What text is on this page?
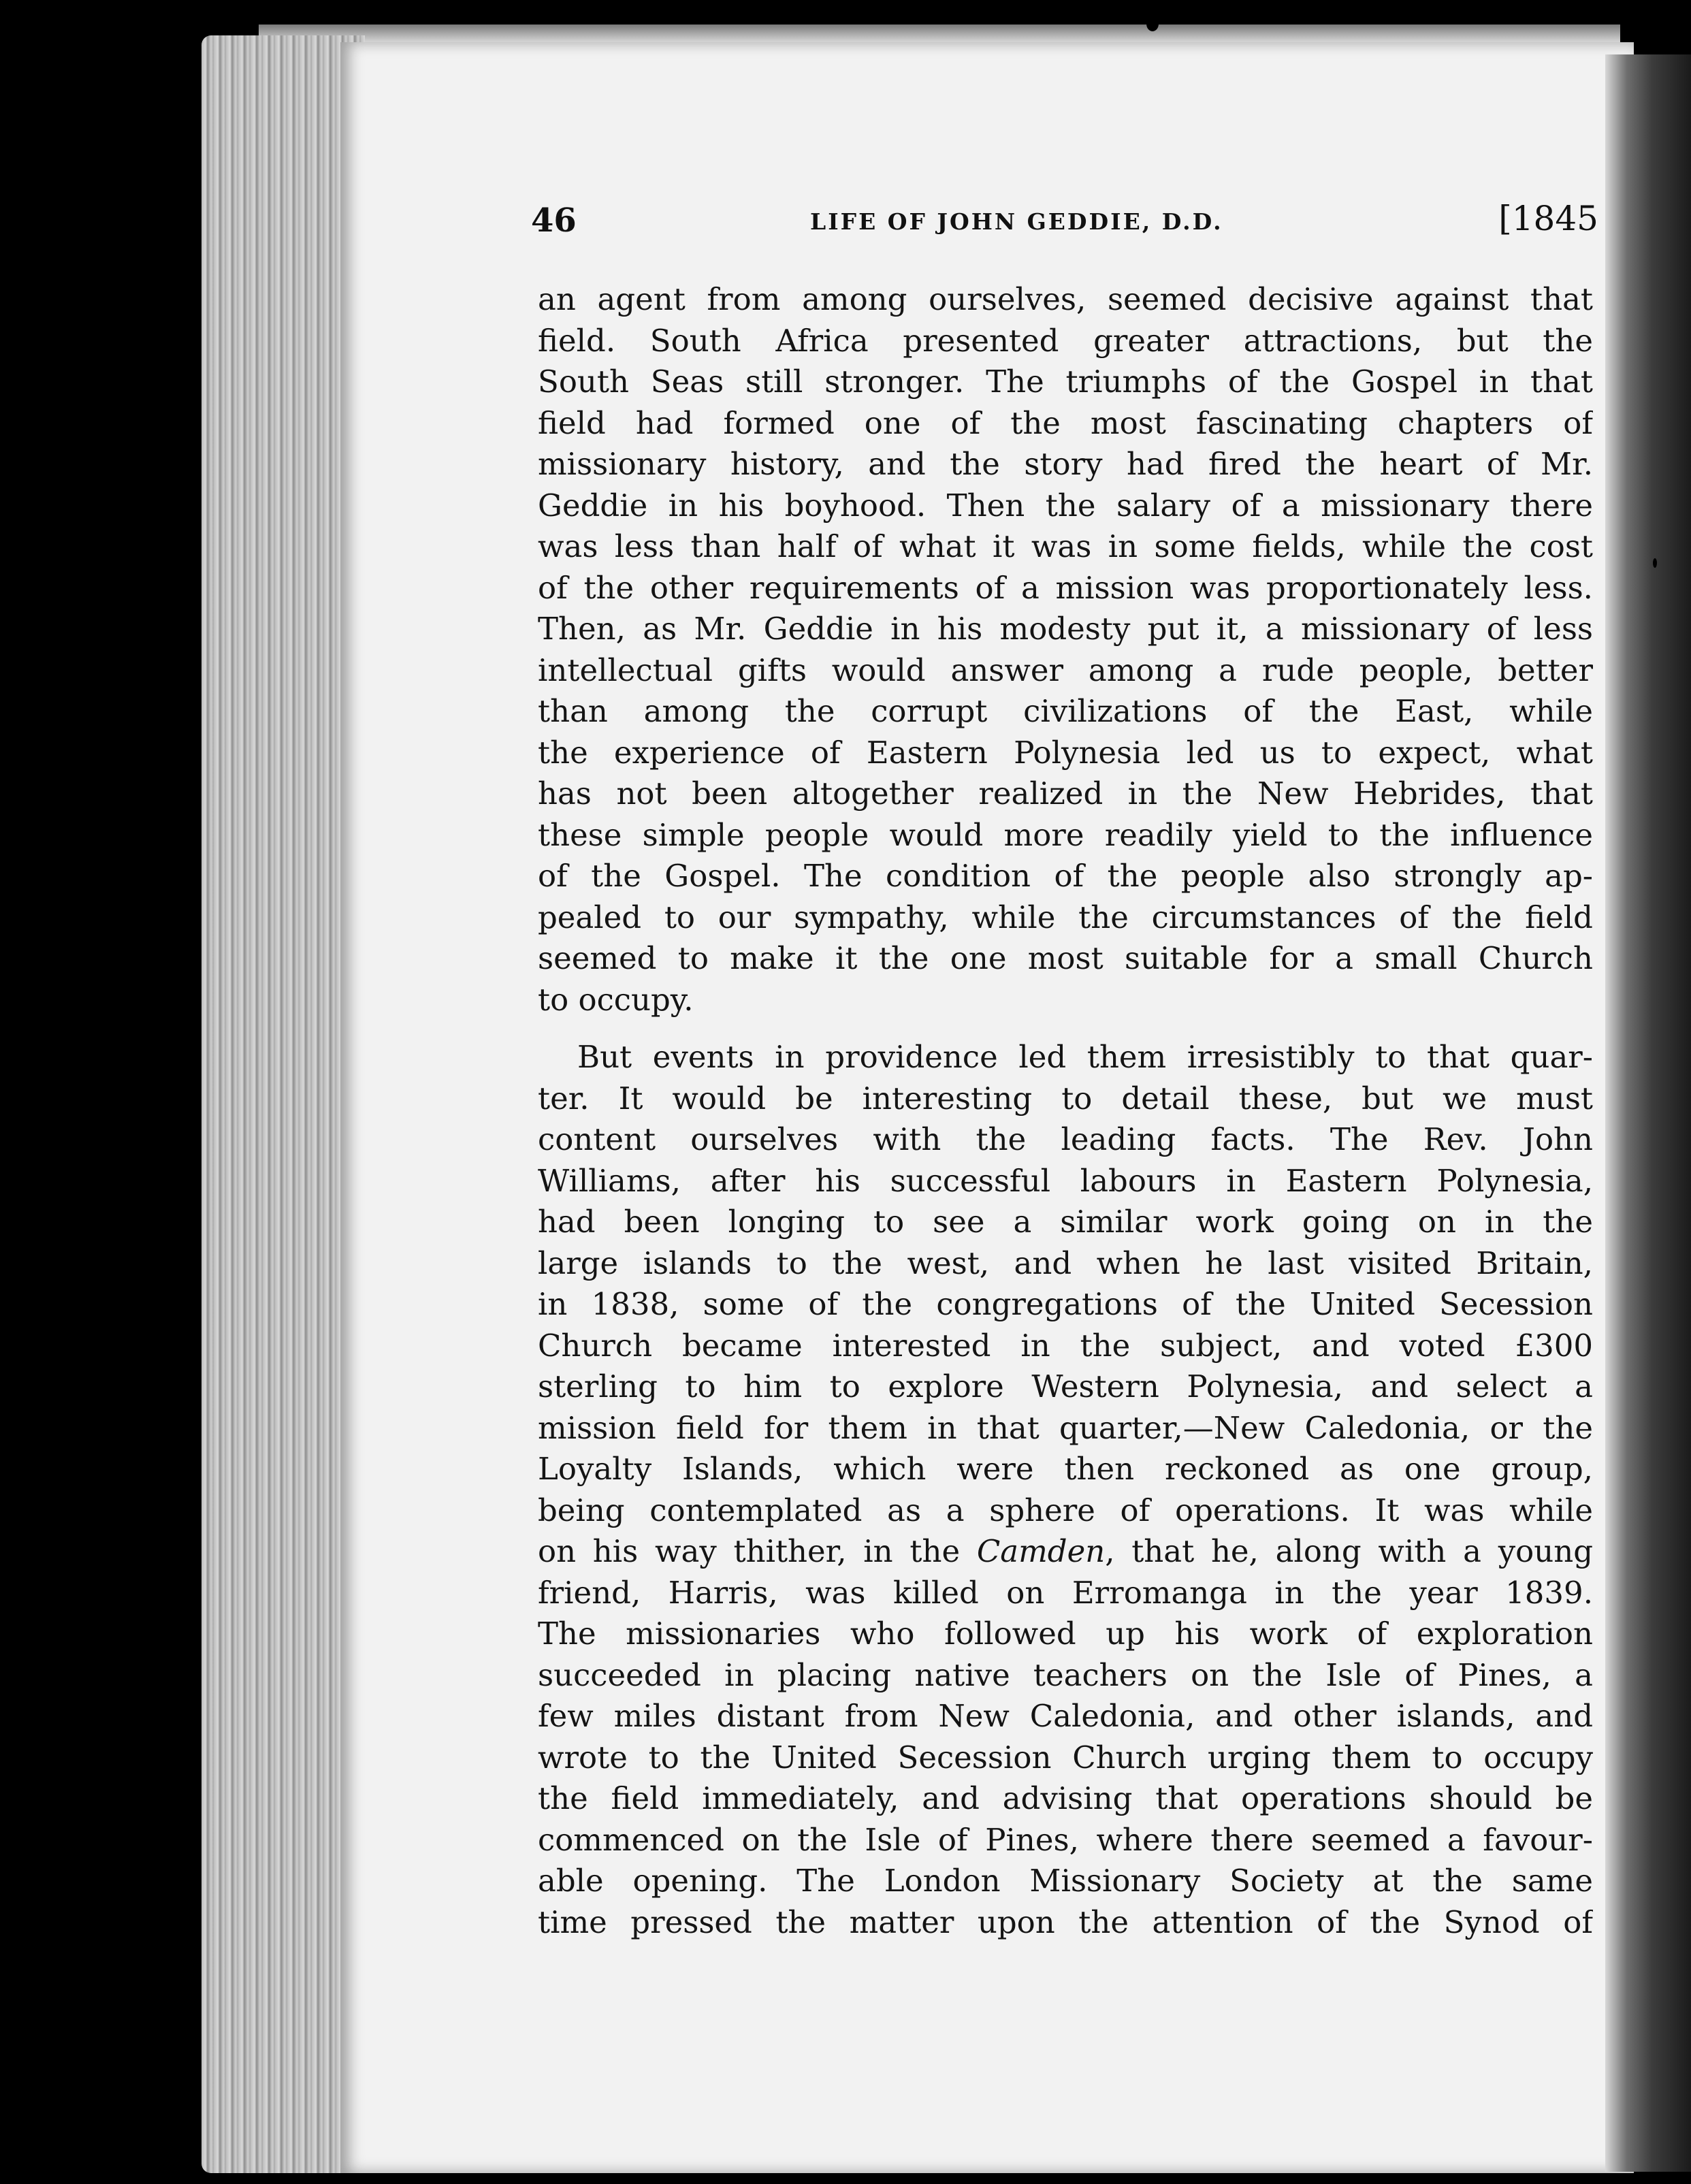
46	LIFE OF JOHN GEDDIE, D.D.	[1845
an agent from among ourselves, seemed decisive against that
field. South Africa presented greater attractions, but the
South Seas still stronger. The triumphs of the Gospel in that
field had formed one of the most fascinating chapters of
missionary history, and the story had fired the heart of Mr.
Geddie in his boyhood. Then the salary of a missionary there
was less than half of what it was in some fields, while the cost
of the other requirements of a mission was proportionately less.
Then, as Mr. Geddie in his modesty put it, a missionary of less
intellectual gifts would answer among a rude people, better
than among the corrupt civilizations of the East, while
the experience of Eastern Polynesia led us to expect, what
has not been altogether realized in the New Hebrides, that
these simple people would more readily yield to the influence
of the Gospel. The condition of the people also strongly ap-
pealed to our sympathy, while the circumstances of the field
seemed to make it the one most suitable for a small Church
to occupy.
But events in providence led them irresistibly to that quar-
ter. It would be interesting to detail these, but we must
content ourselves with the leading facts. The Rev. John
Williams, after his successful labours in Eastern Polynesia,
had been longing to see a similar work going on in the
large islands to the west, and when he last visited Britain,
in 1838, some of the congregations of the United Secession
Church became interested in the subject, and voted £300
sterling to him to explore Western Polynesia, and select a
mission field for them in that quarter,—New Caledonia, or the
Loyalty Islands, which were then reckoned as one group,
being contemplated as a sphere of operations. It was while
on his way thither, in the Camden, that he, along with a young
friend, Harris, was killed on Erromanga in the year 1839.
The missionaries who followed up his work of exploration
succeeded in placing native teachers on the Isle of Pines, a
few miles distant from New Caledonia, and other islands, and
wrote to the United Secession Church urging them to occupy
the field immediately, and advising that operations should be
commenced on the Isle of Pines, where there seemed a favour-
able opening. The London Missionary Society at the same
time pressed the matter upon the attention of the Synod of
